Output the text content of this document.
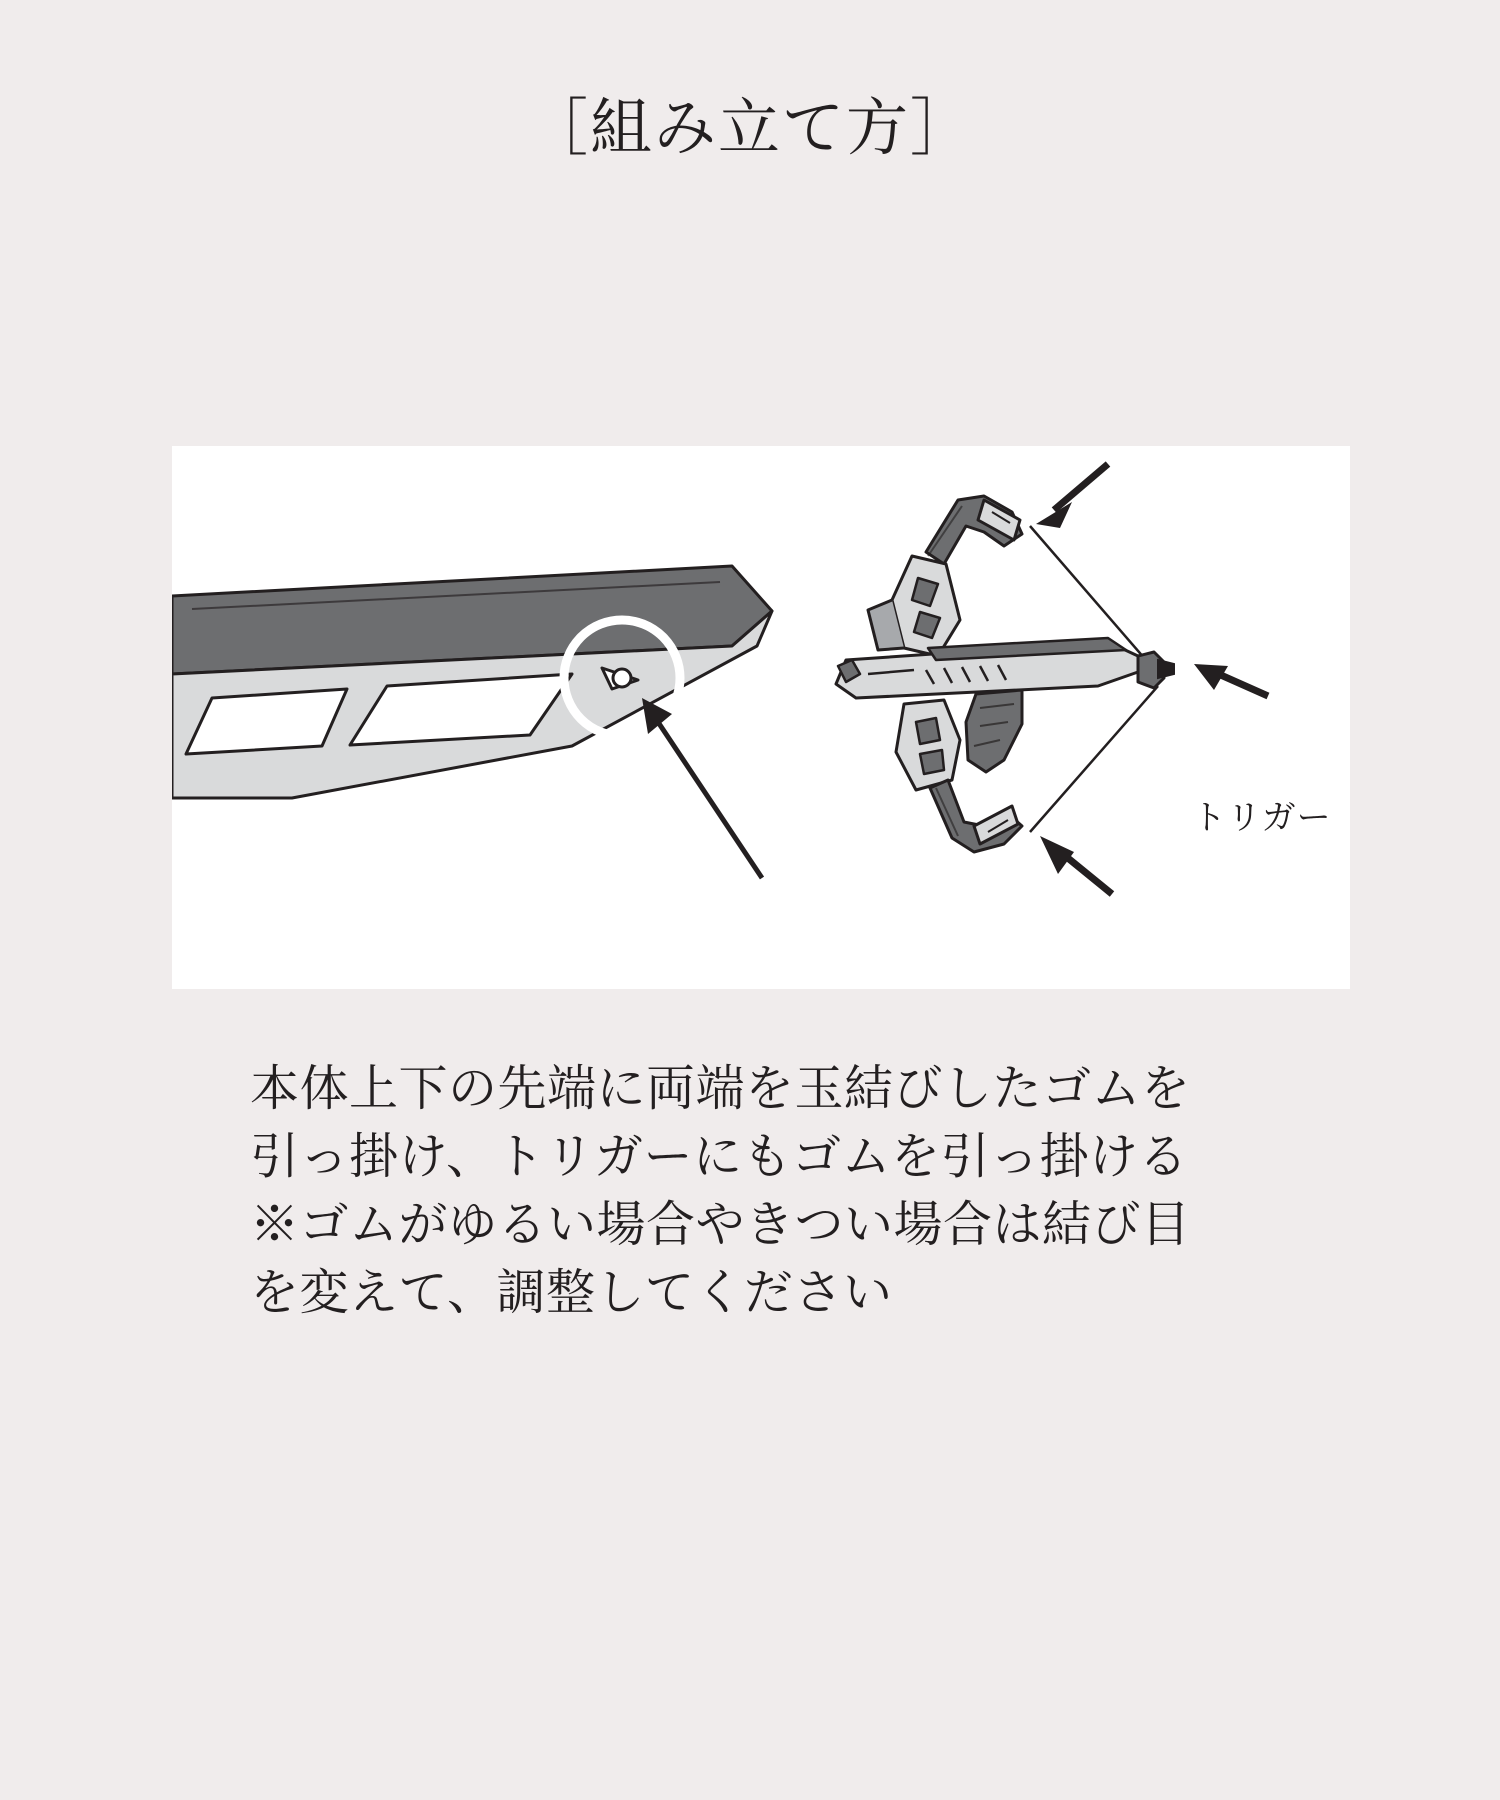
［組み立て方］
トリガー
本体上下の先端に両端を玉結びしたゴムを
引っ掛け、トリガーにもゴムを引っ掛ける
※ゴムがゆるい場合やきつい場合は結び目
を変えて、調整してください
